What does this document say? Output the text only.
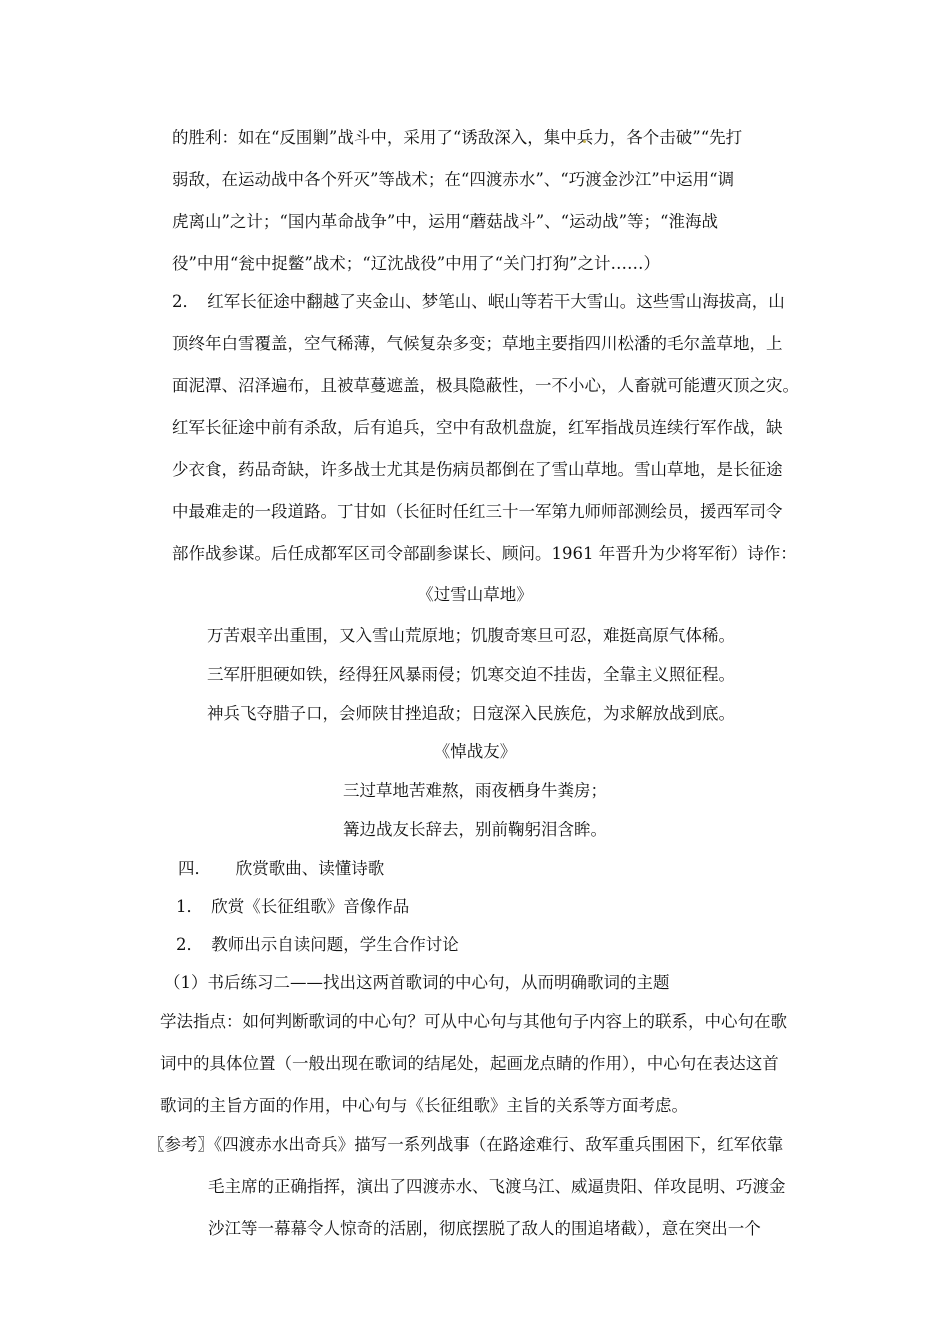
的胜利：如在“反围剿”战斗中，采用了“诱敌深入，集中兵力，各个击破”“先打
弱敌，在运动战中各个歼灭”等战术；在“四渡赤水”、“巧渡金沙江”中运用“调
虎离山”之计；“国内革命战争”中，运用“蘑菇战斗”、“运动战”等；“淮海战
役”中用“瓮中捉鳖”战术；“辽沈战役”中用了“关门打狗”之计……）
2．　红军长征途中翻越了夹金山、梦笔山、岷山等若干大雪山。这些雪山海拔高，山
顶终年白雪覆盖，空气稀薄，气候复杂多变；草地主要指四川松潘的毛尔盖草地，上
面泥潭、沼泽遍布，且被草蔓遮盖，极具隐蔽性，一不小心，人畜就可能遭灭顶之灾。
红军长征途中前有杀敌，后有追兵，空中有敌机盘旋，红军指战员连续行军作战，缺
少衣食，药品奇缺，许多战士尤其是伤病员都倒在了雪山草地。雪山草地，是长征途
中最难走的一段道路。丁甘如（长征时任红三十一军第九师师部测绘员，援西军司令
部作战参谋。后任成都军区司令部副参谋长、顾问。1961 年晋升为少将军衔）诗作：
《过雪山草地》
万苦艰辛出重围，又入雪山荒原地；饥腹奇寒旦可忍，难挺高原气体稀。
三军肝胆硬如铁，经得狂风暴雨侵；饥寒交迫不挂齿，全靠主义照征程。
神兵飞夺腊子口，会师陕甘挫追敌；日寇深入民族危，为求解放战到底。
《悼战友》
三过草地苦难熬，雨夜栖身牛粪房；
篝边战友长辞去，别前鞠躬泪含眸。
四．　　欣赏歌曲、读懂诗歌
1．　欣赏《长征组歌》音像作品
2．　教师出示自读问题，学生合作讨论
（1）书后练习二——找出这两首歌词的中心句，从而明确歌词的主题
学法指点：如何判断歌词的中心句？可从中心句与其他句子内容上的联系，中心句在歌
词中的具体位置（一般出现在歌词的结尾处，起画龙点睛的作用），中心句在表达这首
歌词的主旨方面的作用，中心句与《长征组歌》主旨的关系等方面考虑。
〖参考〗《四渡赤水出奇兵》描写一系列战事（在路途难行、敌军重兵围困下，红军依靠
毛主席的正确指挥，演出了四渡赤水、飞渡乌江、威逼贵阳、佯攻昆明、巧渡金
沙江等一幕幕令人惊奇的活剧，彻底摆脱了敌人的围追堵截），意在突出一个
